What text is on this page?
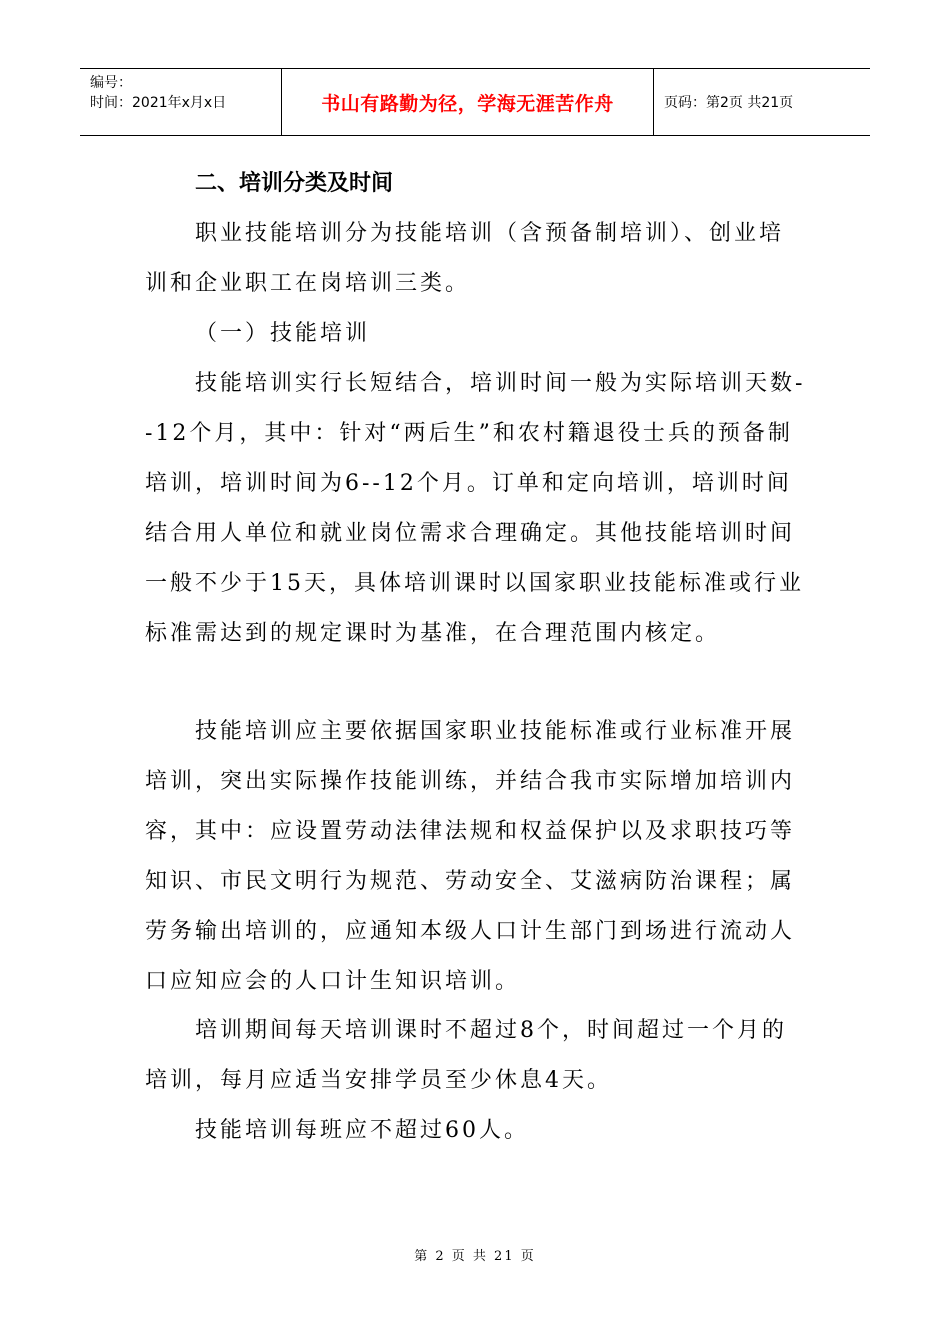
编号：
时间：2021年x月x日	书山有路勤为径，学海无涯苦作舟	页码：第2页 共21页
二、培训分类及时间

职业技能培训分为技能培训（含预备制培训）、创业培训和企业职工在岗培训三类。

（一）技能培训

技能培训实行长短结合，培训时间一般为实际培训天数--12个月，其中：针对“两后生”和农村籍退役士兵的预备制培训，培训时间为6--12个月。订单和定向培训，培训时间结合用人单位和就业岗位需求合理确定。其他技能培训时间一般不少于15天，具体培训课时以国家职业技能标准或行业标准需达到的规定课时为基准，在合理范围内核定。

技能培训应主要依据国家职业技能标准或行业标准开展培训，突出实际操作技能训练，并结合我市实际增加培训内容，其中：应设置劳动法律法规和权益保护以及求职技巧等知识、市民文明行为规范、劳动安全、艾滋病防治课程；属劳务输出培训的，应通知本级人口计生部门到场进行流动人口应知应会的人口计生知识培训。

培训期间每天培训课时不超过8个，时间超过一个月的培训，每月应适当安排学员至少休息4天。

技能培训每班应不超过60人。

第 2 页 共 21 页
